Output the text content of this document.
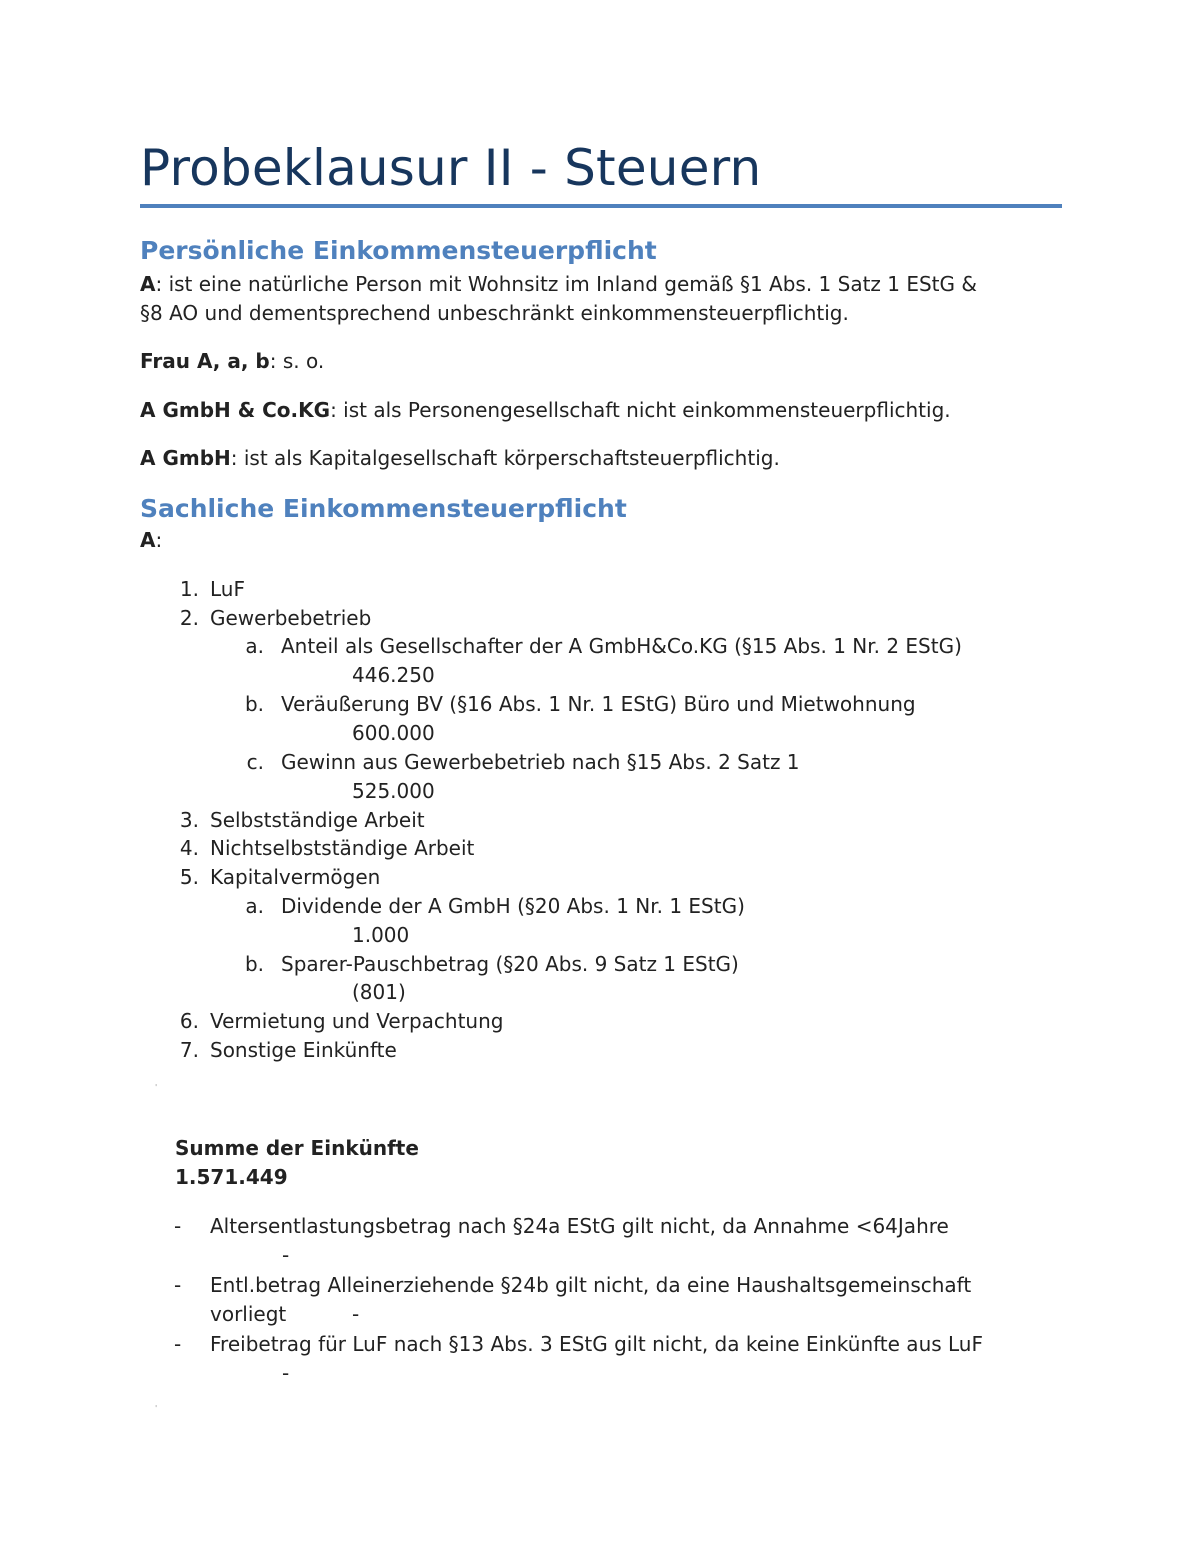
Probeklausur II - Steuern
Persönliche Einkommensteuerpflicht
A: ist eine natürliche Person mit Wohnsitz im Inland gemäß §1 Abs. 1 Satz 1 EStG &
§8 AO und dementsprechend unbeschränkt einkommensteuerpflichtig.
Frau A, a, b: s. o.
A GmbH & Co.KG: ist als Personengesellschaft nicht einkommensteuerpflichtig.
A GmbH: ist als Kapitalgesellschaft körperschaftsteuerpflichtig.
Sachliche Einkommensteuerpflicht
A:
1. LuF
2. Gewerbebetrieb
a. Anteil als Gesellschafter der A GmbH&Co.KG (§15 Abs. 1 Nr. 2 EStG)
446.250
b. Veräußerung BV (§16 Abs. 1 Nr. 1 EStG) Büro und Mietwohnung
600.000
c. Gewinn aus Gewerbebetrieb nach §15 Abs. 2 Satz 1
525.000
3. Selbstständige Arbeit
4. Nichtselbstständige Arbeit
5. Kapitalvermögen
a. Dividende der A GmbH (§20 Abs. 1 Nr. 1 EStG)
1.000
b. Sparer-Pauschbetrag (§20 Abs. 9 Satz 1 EStG)
(801)
6. Vermietung und Verpachtung
7. Sonstige Einkünfte
'
Summe der Einkünfte
1.571.449
- Altersentlastungsbetrag nach §24a EStG gilt nicht, da Annahme <64Jahre
-
- Entl.betrag Alleinerziehende §24b gilt nicht, da eine Haushaltsgemeinschaft
vorliegt	-
- Freibetrag für LuF nach §13 Abs. 3 EStG gilt nicht, da keine Einkünfte aus LuF
-
'
